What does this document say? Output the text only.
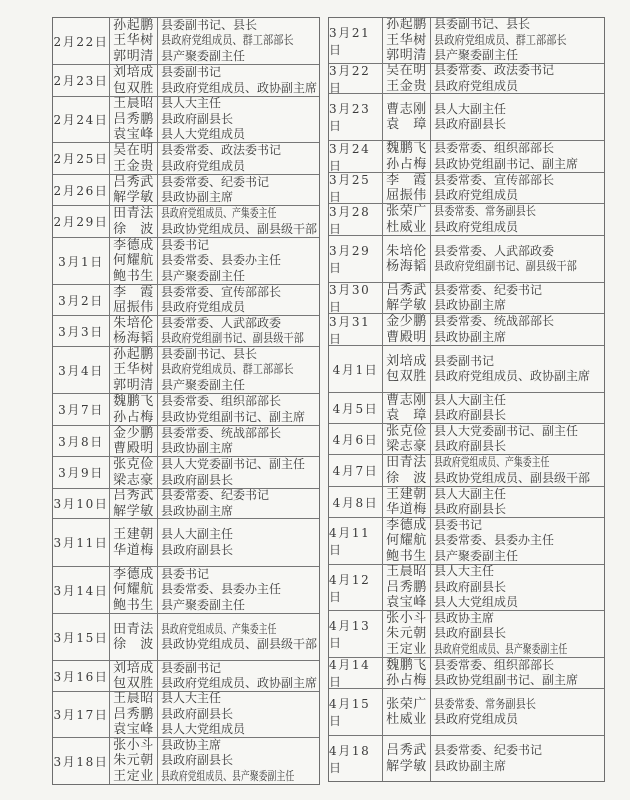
2月22日
孙起鹏
王华树
郭明清
县委副书记、县长
县政府党组成员、群工部部长
县产聚委副主任
2月23日
刘培成
包双胜
县委副书记
县政府党组成员、政协副主席
2月24日
王晨昭
吕秀鹏
袁宝峰
县人大主任
县政府副县长
县人大党组成员
2月25日
吴在明
王金贵
县委常委、政法委书记
县政府党组成员
2月26日
吕秀武
解学敏
县委常委、纪委书记
县政协副主席
2月29日
田青法
徐　波
县政府党组成员、产集委主任
县政协党组成员、副县级干部
3月1日
李德成
何耀航
鲍书生
县委书记
县委常委、县委办主任
县产聚委副主任
3月2日
李　霞
屈振伟
县委常委、宣传部部长
县政府党组成员
3月3日
朱培伦
杨海韬
县委常委、人武部政委
县政府党组副书记、副县级干部
3月4日
孙起鹏
王华树
郭明清
县委副书记、县长
县政府党组成员、群工部部长
县产聚委副主任
3月7日
魏鹏飞
孙占梅
县委常委、组织部部长
县政协党组副书记、副主席
3月8日
金少鹏
曹殿明
县委常委、统战部部长
县政协副主席
3月9日
张克俭
梁志豪
县人大党委副书记、副主任
县政府副县长
3月10日
吕秀武
解学敏
县委常委、纪委书记
县政协副主席
3月11日
王建朝
华道梅
县人大副主任
县政府副县长
3月14日
李德成
何耀航
鲍书生
县委书记
县委常委、县委办主任
县产聚委副主任
3月15日
田青法
徐　波
县政府党组成员、产集委主任
县政协党组成员、副县级干部
3月16日
刘培成
包双胜
县委副书记
县政府党组成员、政协副主席
3月17日
王晨昭
吕秀鹏
袁宝峰
县人大主任
县政府副县长
县人大党组成员
3月18日
张小斗
朱元朝
王定业
县政协主席
县政府副县长
县政府党组成员、县产聚委副主任
3月21日
孙起鹏
王华树
郭明清
县委副书记、县长
县政府党组成员、群工部部长
县产聚委副主任
3月22日
吴在明
王金贵
县委常委、政法委书记
县政府党组成员
3月23日
曹志刚
袁　璋
县人大副主任
县政府副县长
3月24日
魏鹏飞
孙占梅
县委常委、组织部部长
县政协党组副书记、副主席
3月25日
李　霞
屈振伟
县委常委、宣传部部长
县政府党组成员
3月28日
张荣广
杜威业
县委常委、常务副县长
县政府党组成员
3月29日
朱培伦
杨海韬
县委常委、人武部政委
县政府党组副书记、副县级干部
3月30日
吕秀武
解学敏
县委常委、纪委书记
县政协副主席
3月31日
金少鹏
曹殿明
县委常委、统战部部长
县政协副主席
4月1日
刘培成
包双胜
县委副书记
县政府党组成员、政协副主席
4月5日
曹志刚
袁　璋
县人大副主任
县政府副县长
4月6日
张克俭
梁志豪
县人大党委副书记、副主任
县政府副县长
4月7日
田青法
徐　波
县政府党组成员、产集委主任
县政协党组成员、副县级干部
4月8日
王建朝
华道梅
县人大副主任
县政府副县长
4月11日
李德成
何耀航
鲍书生
县委书记
县委常委、县委办主任
县产聚委副主任
4月12日
王晨昭
吕秀鹏
袁宝峰
县人大主任
县政府副县长
县人大党组成员
4月13日
张小斗
朱元朝
王定业
县政协主席
县政府副县长
县政府党组成员、县产聚委副主任
4月14日
魏鹏飞
孙占梅
县委常委、组织部部长
县政协党组副书记、副主席
4月15日
张荣广
杜威业
县委常委、常务副县长
县政府党组成员
4月18日
吕秀武
解学敏
县委常委、纪委书记
县政协副主席
